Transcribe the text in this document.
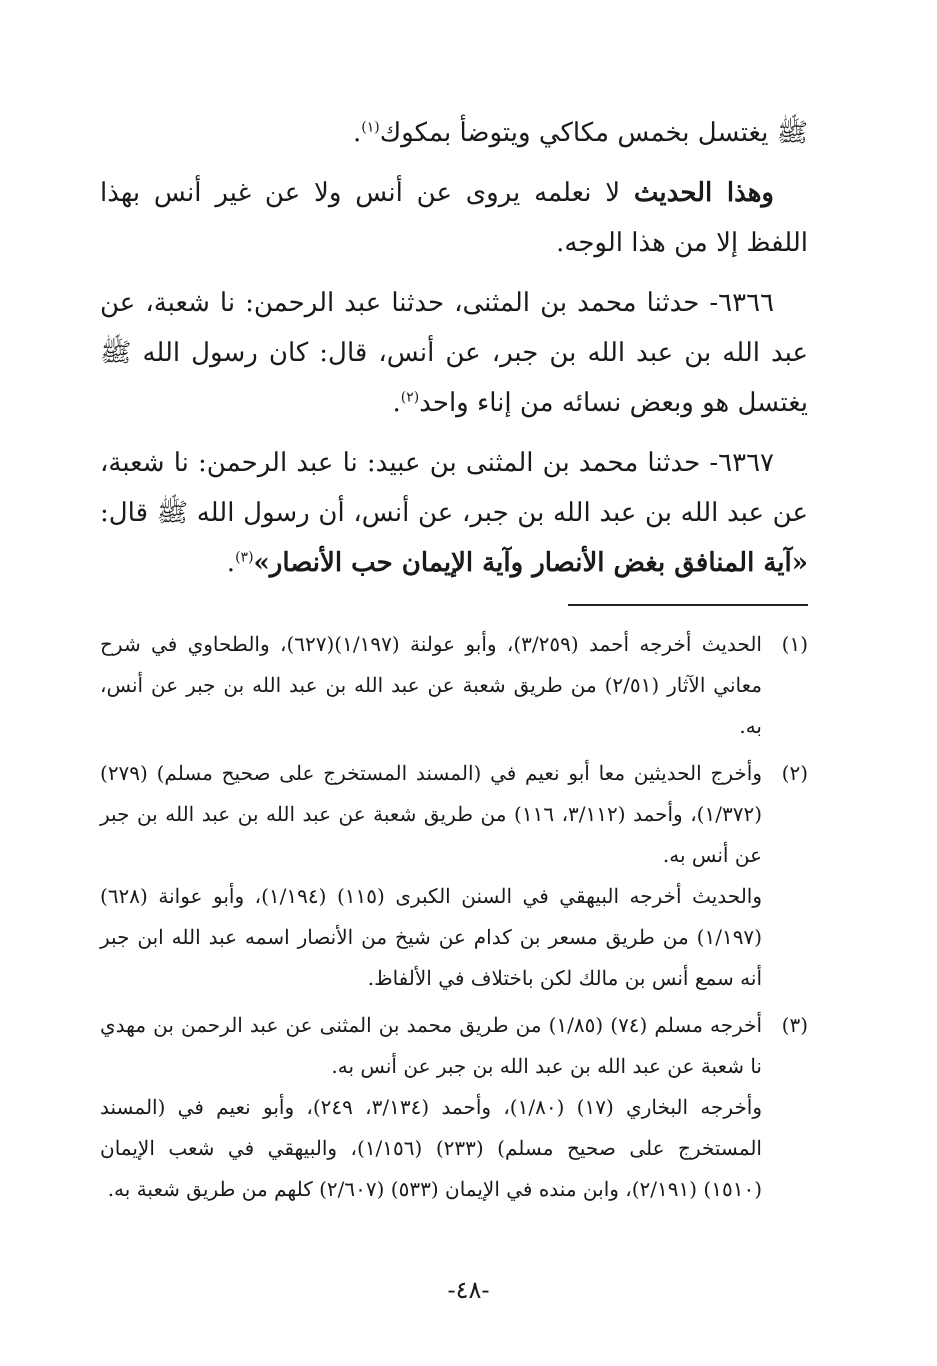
ﷺ يغتسل بخمس مكاكي ويتوضأ بمكوك$^{(١)}$.

وهذا الحديث لا نعلمه يروى عن أنس ولا عن غير أنس بهذا اللفظ إلا من هذا الوجه.

٦٣٦٦- حدثنا محمد بن المثنى، حدثنا عبد الرحمن: نا شعبة، عن عبد الله بن عبد الله بن جبر، عن أنس، قال: كان رسول الله ﷺ يغتسل هو وبعض نسائه من إناء واحد$^{(٢)}$.

٦٣٦٧- حدثنا محمد بن المثنى بن عبيد: نا عبد الرحمن: نا شعبة، عن عبد الله بن عبد الله بن جبر، عن أنس، أن رسول الله ﷺ قال: «آية المنافق بغض الأنصار وآية الإيمان حب الأنصار»$^{(٣)}$.

(١)

الحديث أخرجه أحمد (٣/٢٥٩)، وأبو عولنة (١/١٩٧)(٦٢٧)، والطحاوي في شرح معاني الآثار (٢/٥١) من طريق شعبة عن عبد الله بن عبد الله بن جبر عن أنس، به.

(٢)

وأخرج الحديثين معا أبو نعيم في (المسند المستخرج على صحيح مسلم) (٢٧٩) (١/٣٧٢)، وأحمد (٣/١١٢، ١١٦) من طريق شعبة عن عبد الله بن عبد الله بن جبر عن أنس به.

والحديث أخرجه البيهقي في السنن الكبرى (١١٥) (١/١٩٤)، وأبو عوانة (٦٢٨) (١/١٩٧) من طريق مسعر بن كدام عن شيخ من الأنصار اسمه عبد الله ابن جبر أنه سمع أنس بن مالك لكن باختلاف في الألفاظ.

(٣)

أخرجه مسلم (٧٤) (١/٨٥) من طريق محمد بن المثنى عن عبد الرحمن بن مهدي نا شعبة عن عبد الله بن عبد الله بن جبر عن أنس به.

وأخرجه البخاري (١٧) (١/٨٠)، وأحمد (٣/١٣٤، ٢٤٩)، وأبو نعيم في (المسند المستخرج على صحيح مسلم) (٢٣٣) (١/١٥٦)، والبيهقي في شعب الإيمان (١٥١٠) (٢/١٩١)، وابن منده في الإيمان (٥٣٣) (٢/٦٠٧) كلهم من طريق شعبة به.

-٤٨-
